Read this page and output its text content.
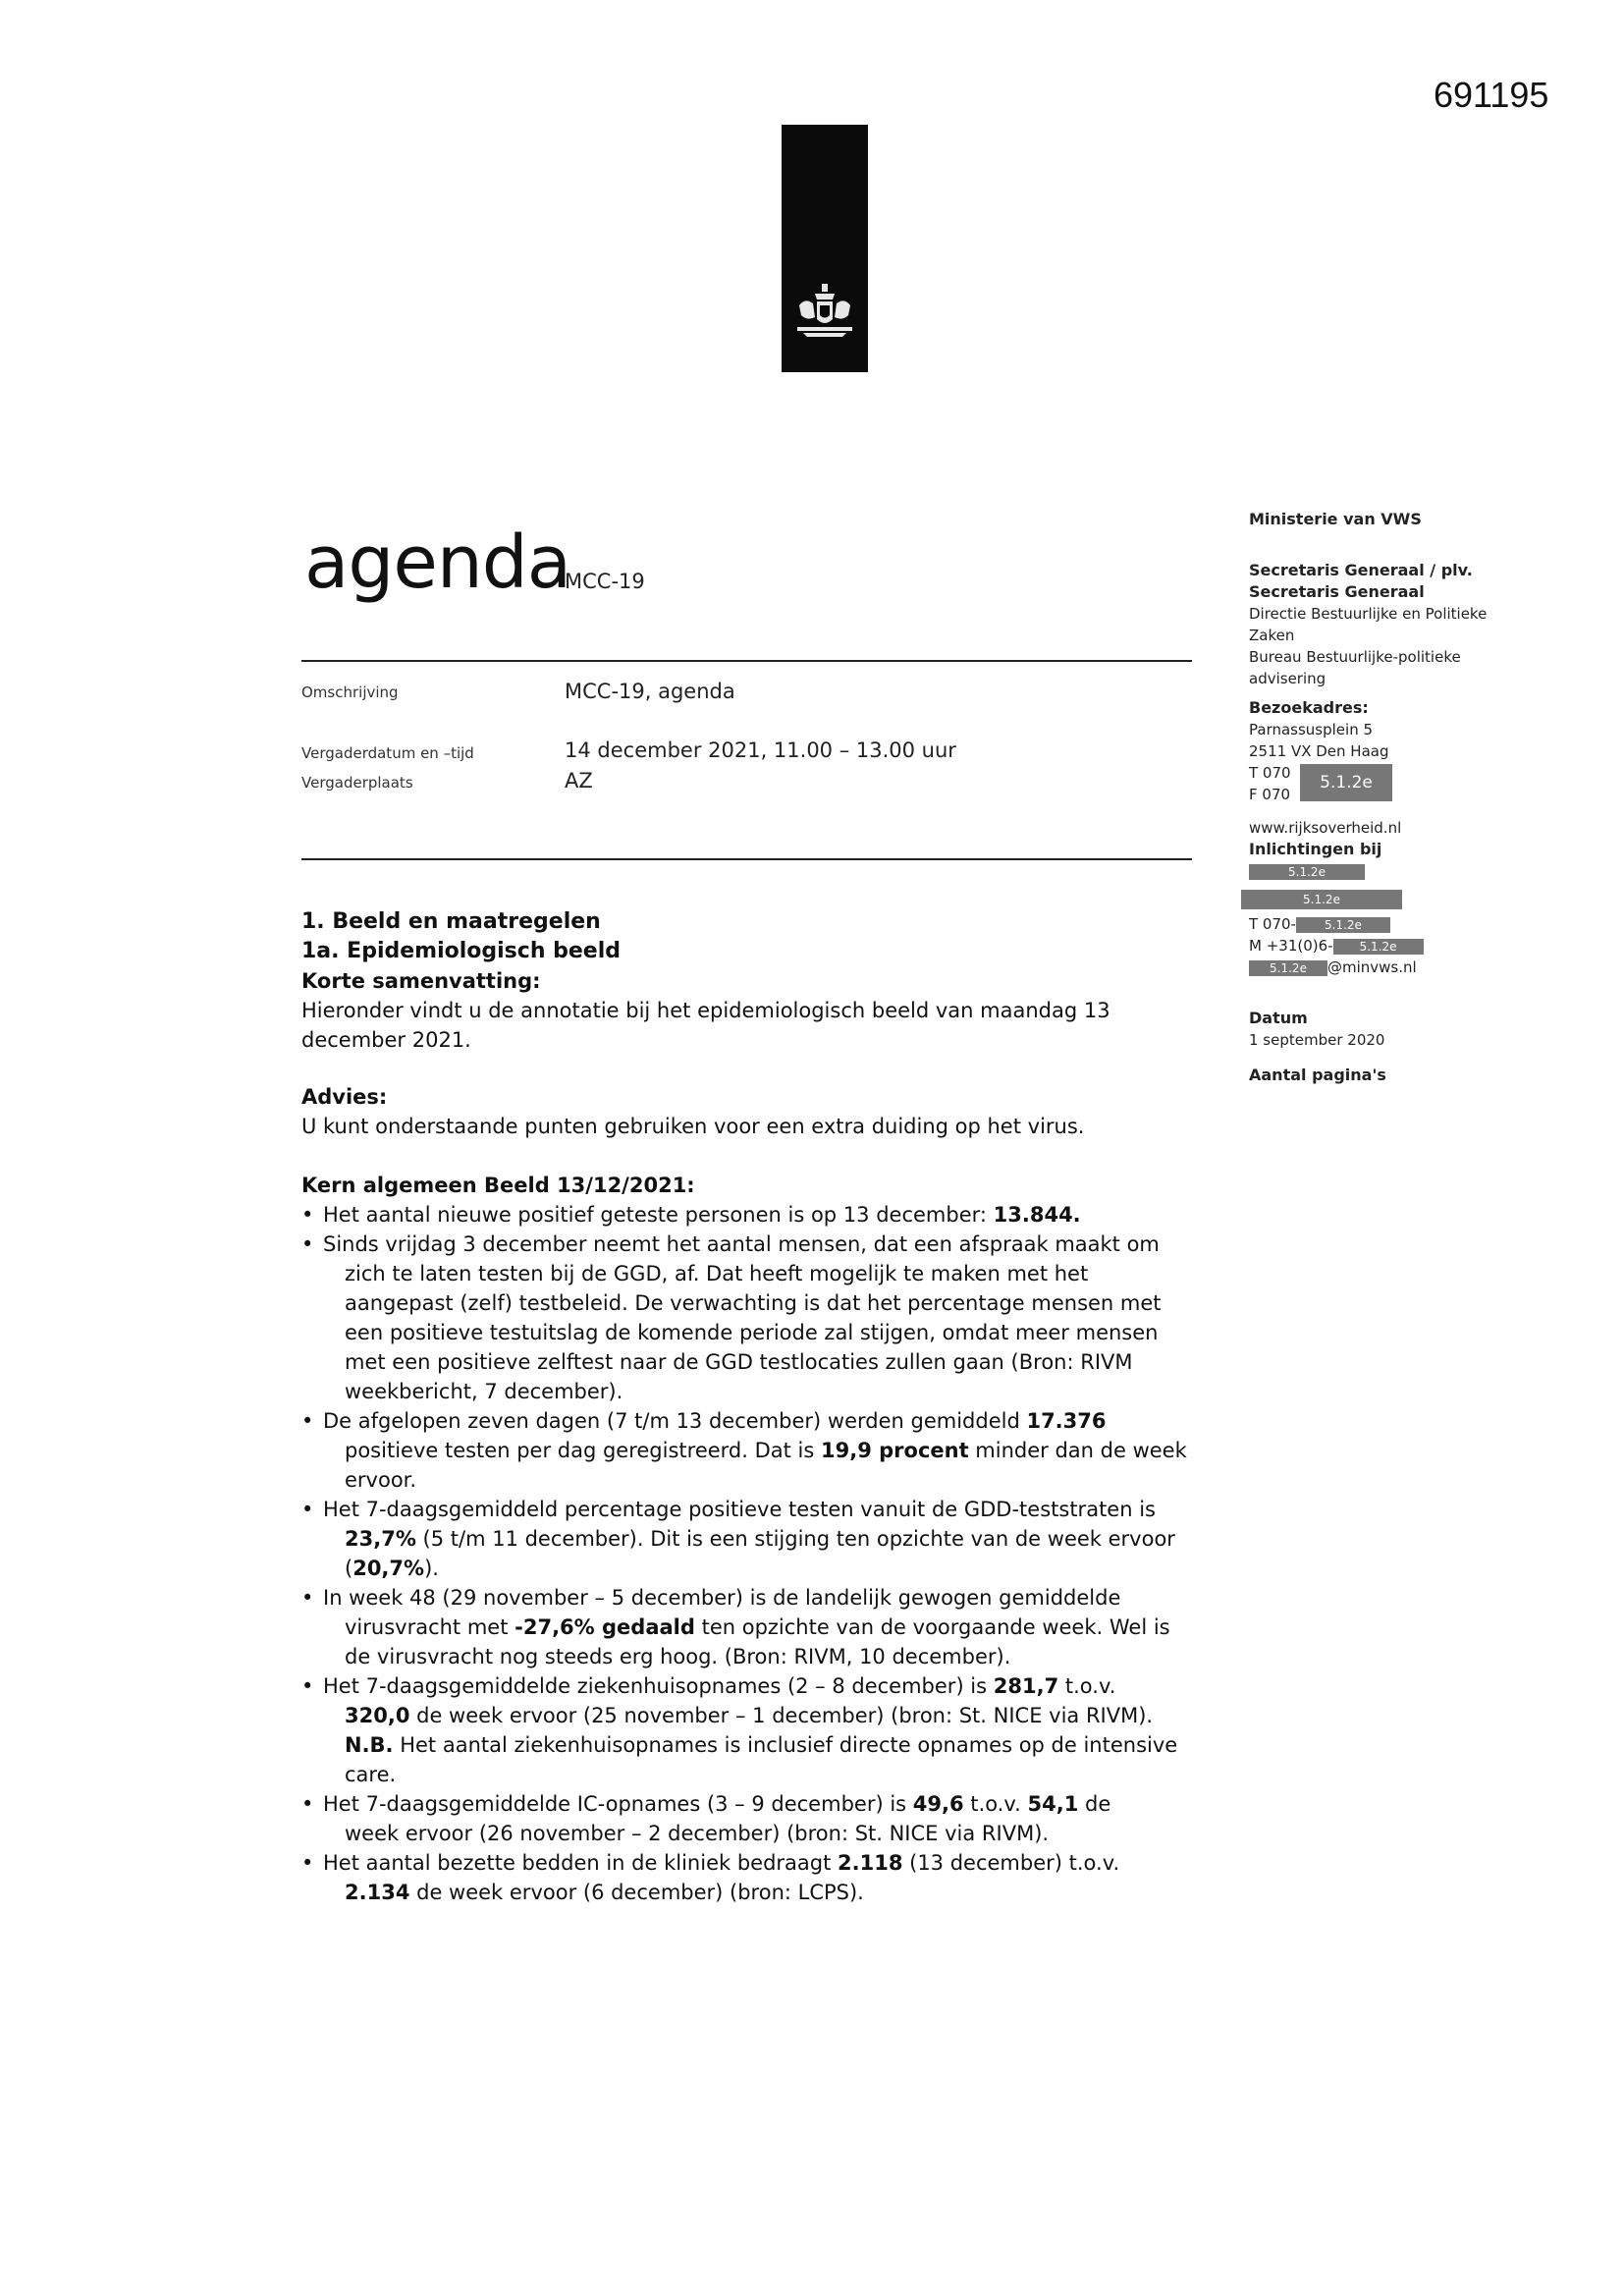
691195
agenda
MCC-19
Omschrijving	MCC-19, agenda
Vergaderdatum en –tijd	14 december 2021, 11.00 – 13.00 uur
Vergaderplaats	AZ
1. Beeld en maatregelen
1a. Epidemiologisch beeld
Korte samenvatting:
Hieronder vindt u de annotatie bij het epidemiologisch beeld van maandag 13 december 2021.
Advies:
U kunt onderstaande punten gebruiken voor een extra duiding op het virus.
Kern algemeen Beeld 13/12/2021:
• Het aantal nieuwe positief geteste personen is op 13 december: 13.844.
• Sinds vrijdag 3 december neemt het aantal mensen, dat een afspraak maakt om
zich te laten testen bij de GGD, af. Dat heeft mogelijk te maken met het aangepast (zelf) testbeleid. De verwachting is dat het percentage mensen met een positieve testuitslag de komende periode zal stijgen, omdat meer mensen met een positieve zelftest naar de GGD testlocaties zullen gaan (Bron: RIVM weekbericht, 7 december).
• De afgelopen zeven dagen (7 t/m 13 december) werden gemiddeld 17.376
positieve testen per dag geregistreerd. Dat is 19,9 procent minder dan de week ervoor.
• Het 7-daagsgemiddeld percentage positieve testen vanuit de GDD-teststraten is
23,7% (5 t/m 11 december). Dit is een stijging ten opzichte van de week ervoor (20,7%).
• In week 48 (29 november – 5 december) is de landelijk gewogen gemiddelde
virusvracht met -27,6% gedaald ten opzichte van de voorgaande week. Wel is de virusvracht nog steeds erg hoog. (Bron: RIVM, 10 december).
• Het 7-daagsgemiddelde ziekenhuisopnames (2 – 8 december) is 281,7 t.o.v.
320,0 de week ervoor (25 november – 1 december) (bron: St. NICE via RIVM).
N.B. Het aantal ziekenhuisopnames is inclusief directe opnames op de intensive care.
• Het 7-daagsgemiddelde IC-opnames (3 – 9 december) is 49,6 t.o.v. 54,1 de
week ervoor (26 november – 2 december) (bron: St. NICE via RIVM).
• Het aantal bezette bedden in de kliniek bedraagt 2.118 (13 december) t.o.v.
2.134 de week ervoor (6 december) (bron: LCPS).
Ministerie van VWS
Secretaris Generaal / plv.
Secretaris Generaal
Directie Bestuurlijke en Politieke
Zaken
Bureau Bestuurlijke-politieke
advisering
Bezoekadres:
Parnassusplein 5
2511 VX Den Haag
T 070
F 070
5.1.2e
www.rijksoverheid.nl
Inlichtingen bij
5.1.2e
5.1.2e
T 070- 5.1.2e
M +31(0)6- 5.1.2e
5.1.2e @minvws.nl
Datum
1 september 2020
Aantal pagina's
